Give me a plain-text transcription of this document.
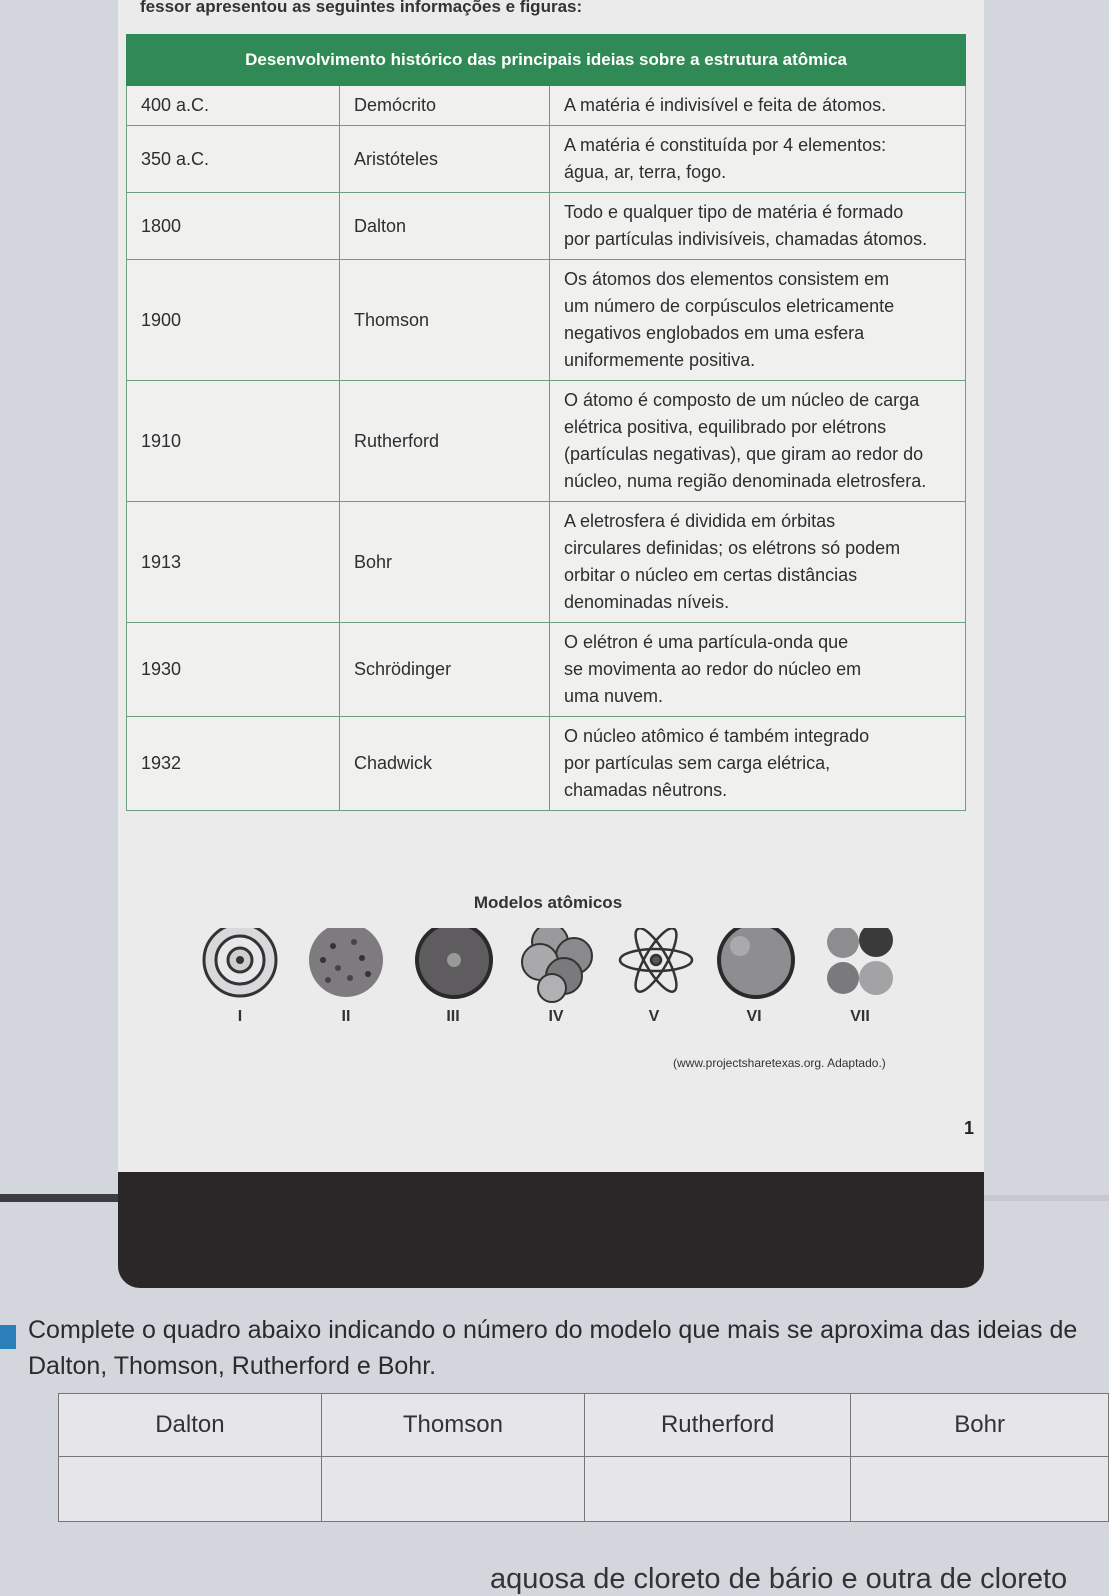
fessor apresentou as seguintes informações e figuras:
Desenvolvimento histórico das principais ideias sobre a estrutura atômica		
400 a.C.	Demócrito	A matéria é indivisível e feita de átomos.

350 a.C.	Aristóteles	A matéria é constituída por 4 elementos:
água, ar, terra, fogo.

1800	Dalton	Todo e qualquer tipo de matéria é formado
por partículas indivisíveis, chamadas átomos.

1900	Thomson	Os átomos dos elementos consistem em
um número de corpúsculos eletricamente
negativos englobados em uma esfera
uniformemente positiva.

1910	Rutherford	O átomo é composto de um núcleo de carga
elétrica positiva, equilibrado por elétrons
(partículas negativas), que giram ao redor do
núcleo, numa região denominada eletrosfera.

1913	Bohr	A eletrosfera é dividida em órbitas
circulares definidas; os elétrons só podem
orbitar o núcleo em certas distâncias
denominadas níveis.

1930	Schrödinger	O elétron é uma partícula-onda que
se movimenta ao redor do núcleo em
uma nuvem.

1932	Chadwick	O núcleo atômico é também integrado
por partículas sem carga elétrica,
chamadas nêutrons.
Modelos atômicos
I	II	III	IV	V	VI	VII
(www.projectsharetexas.org. Adaptado.)
1
Complete o quadro abaixo indicando o número do modelo que mais se aproxima das ideias de Dalton, Thomson, Rutherford e Bohr.
Dalton	Thomson	Rutherford	Bohr

aquosa de cloreto de bário e outra de cloreto
